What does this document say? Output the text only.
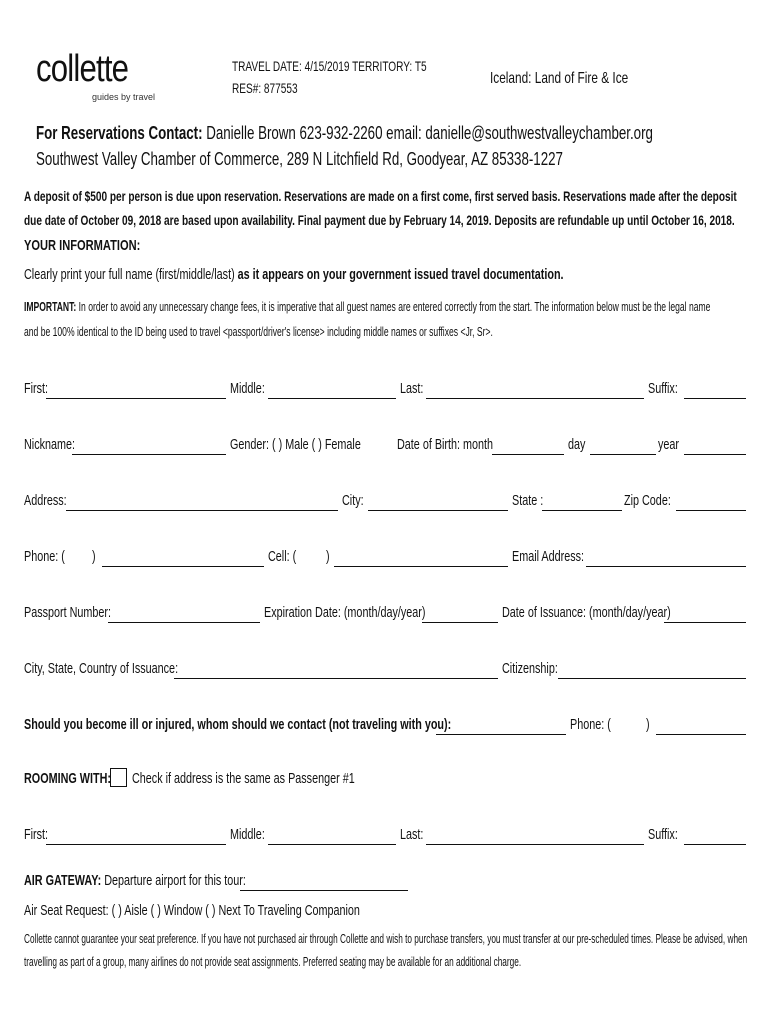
collette
guides by travel
TRAVEL DATE: 4/15/2019 TERRITORY: T5
RES#: 877553
Iceland: Land of Fire & Ice
For Reservations Contact: Danielle Brown 623-932-2260 email: danielle@southwestvalleychamber.org
Southwest Valley Chamber of Commerce, 289 N Litchfield Rd, Goodyear, AZ 85338-1227
A deposit of $500 per person is due upon reservation. Reservations are made on a first come, first served basis. Reservations made after the deposit due date of October 09, 2018 are based upon availability. Final payment due by February 14, 2019. Deposits are refundable up until October 16, 2018.
YOUR INFORMATION:
Clearly print your full name (first/middle/last) as it appears on your government issued travel documentation.
IMPORTANT: In order to avoid any unnecessary change fees, it is imperative that all guest names are entered correctly from the start. The information below must be the legal name and be 100% identical to the ID being used to travel <passport/driver's license> including middle names or suffixes <Jr, Sr>.
First:	Middle:	Last:	Suffix:
Nickname:	Gender: ( ) Male ( ) Female Date of Birth: month	day	year
Address:	City:	State :	Zip Code:
Phone: ( )	Cell: ( )	Email Address:
Passport Number:	Expiration Date: (month/day/year)	Date of Issuance: (month/day/year)
City, State, Country of Issuance:	Citizenship:
Should you become ill or injured, whom should we contact (not traveling with you):	Phone: ( )
ROOMING WITH: Check if address is the same as Passenger #1
First:	Middle:	Last:	Suffix:
AIR GATEWAY: Departure airport for this tour:
Air Seat Request: ( ) Aisle ( ) Window ( ) Next To Traveling Companion
Collette cannot guarantee your seat preference. If you have not purchased air through Collette and wish to purchase transfers, you must transfer at our pre-scheduled times. Please be advised, when travelling as part of a group, many airlines do not provide seat assignments. Preferred seating may be available for an additional charge.
